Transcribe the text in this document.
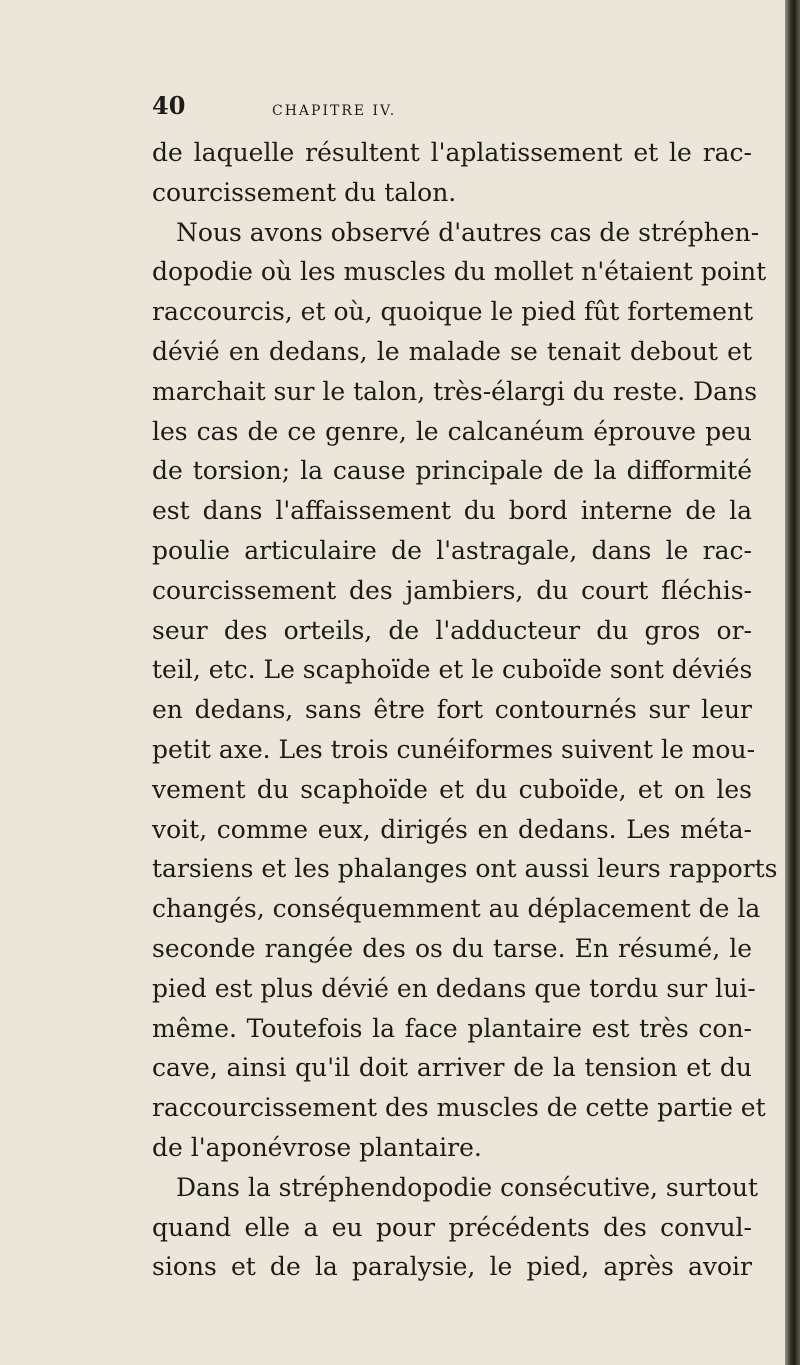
40	CHAPITRE IV.
de laquelle résultent l'aplatissement et le rac-
courcissement du talon.
Nous avons observé d'autres cas de stréphen-
dopodie où les muscles du mollet n'étaient point
raccourcis, et où, quoique le pied fût fortement
dévié en dedans, le malade se tenait debout et
marchait sur le talon, très-élargi du reste. Dans
les cas de ce genre, le calcanéum éprouve peu
de torsion; la cause principale de la difformité
est dans l'affaissement du bord interne de la
poulie articulaire de l'astragale, dans le rac-
courcissement des jambiers, du court fléchis-
seur des orteils, de l'adducteur du gros or-
teil, etc. Le scaphoïde et le cuboïde sont déviés
en dedans, sans être fort contournés sur leur
petit axe. Les trois cunéiformes suivent le mou-
vement du scaphoïde et du cuboïde, et on les
voit, comme eux, dirigés en dedans. Les méta-
tarsiens et les phalanges ont aussi leurs rapports
changés, conséquemment au déplacement de la
seconde rangée des os du tarse. En résumé, le
pied est plus dévié en dedans que tordu sur lui-
même. Toutefois la face plantaire est très con-
cave, ainsi qu'il doit arriver de la tension et du
raccourcissement des muscles de cette partie et
de l'aponévrose plantaire.
Dans la stréphendopodie consécutive, surtout
quand elle a eu pour précédents des convul-
sions et de la paralysie, le pied, après avoir
